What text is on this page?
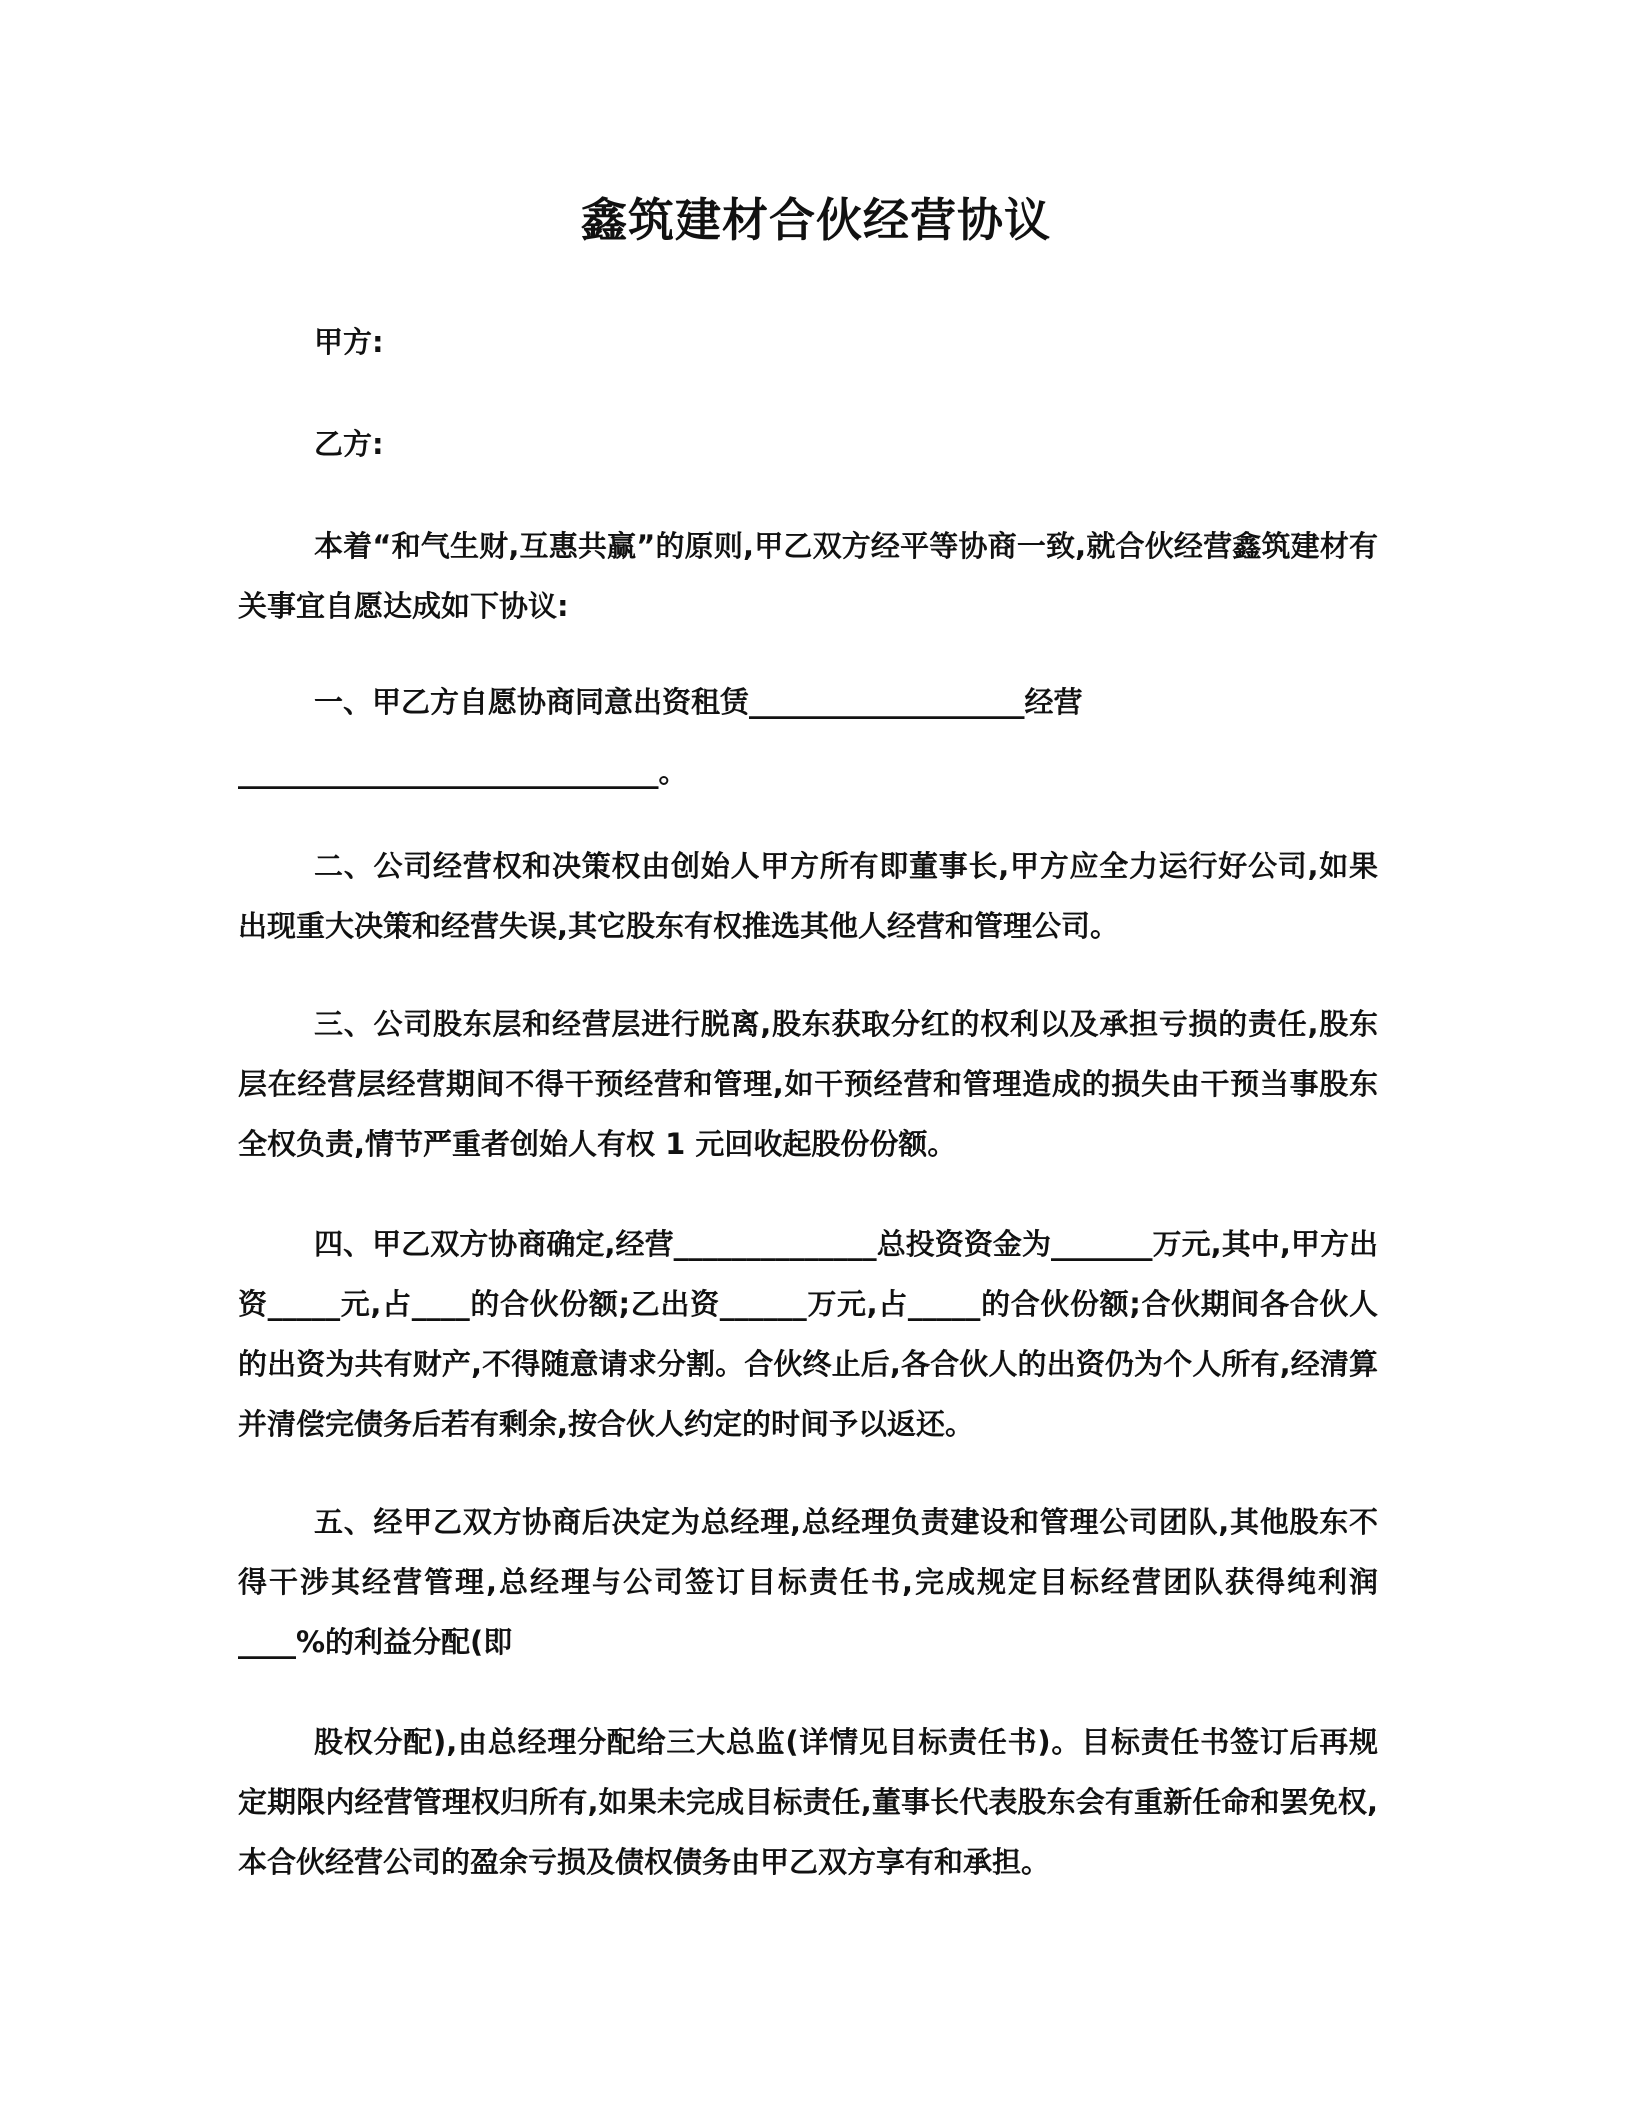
鑫筑建材合伙经营协议
甲方:
乙方:

本着“和气生财,互惠共赢”的原则,甲乙双方经平等协商一致,就合伙经营鑫筑建材有关事宜自愿达成如下协议:

一、甲乙方自愿协商同意出资租赁___________________经营

_____________________________。

二、公司经营权和决策权由创始人甲方所有即董事长,甲方应全力运行好公司,如果出现重大决策和经营失误,其它股东有权推选其他人经营和管理公司。

三、公司股东层和经营层进行脱离,股东获取分红的权利以及承担亏损的责任,股东层在经营层经营期间不得干预经营和管理,如干预经营和管理造成的损失由干预当事股东全权负责,情节严重者创始人有权 1 元回收起股份份额。

四、甲乙双方协商确定,经营______________总投资资金为_______万元,其中,甲方出资_____元,占____的合伙份额;乙出资______万元,占_____的合伙份额;合伙期间各合伙人的出资为共有财产,不得随意请求分割。合伙终止后,各合伙人的出资仍为个人所有,经清算并清偿完债务后若有剩余,按合伙人约定的时间予以返还。

五、经甲乙双方协商后决定为总经理,总经理负责建设和管理公司团队,其他股东不得干涉其经营管理,总经理与公司签订目标责任书,完成规定目标经营团队获得纯利润____%的利益分配(即

股权分配),由总经理分配给三大总监(详情见目标责任书)。目标责任书签订后再规定期限内经营管理权归所有,如果未完成目标责任,董事长代表股东会有重新任命和罢免权,本合伙经营公司的盈余亏损及债权债务由甲乙双方享有和承担。
